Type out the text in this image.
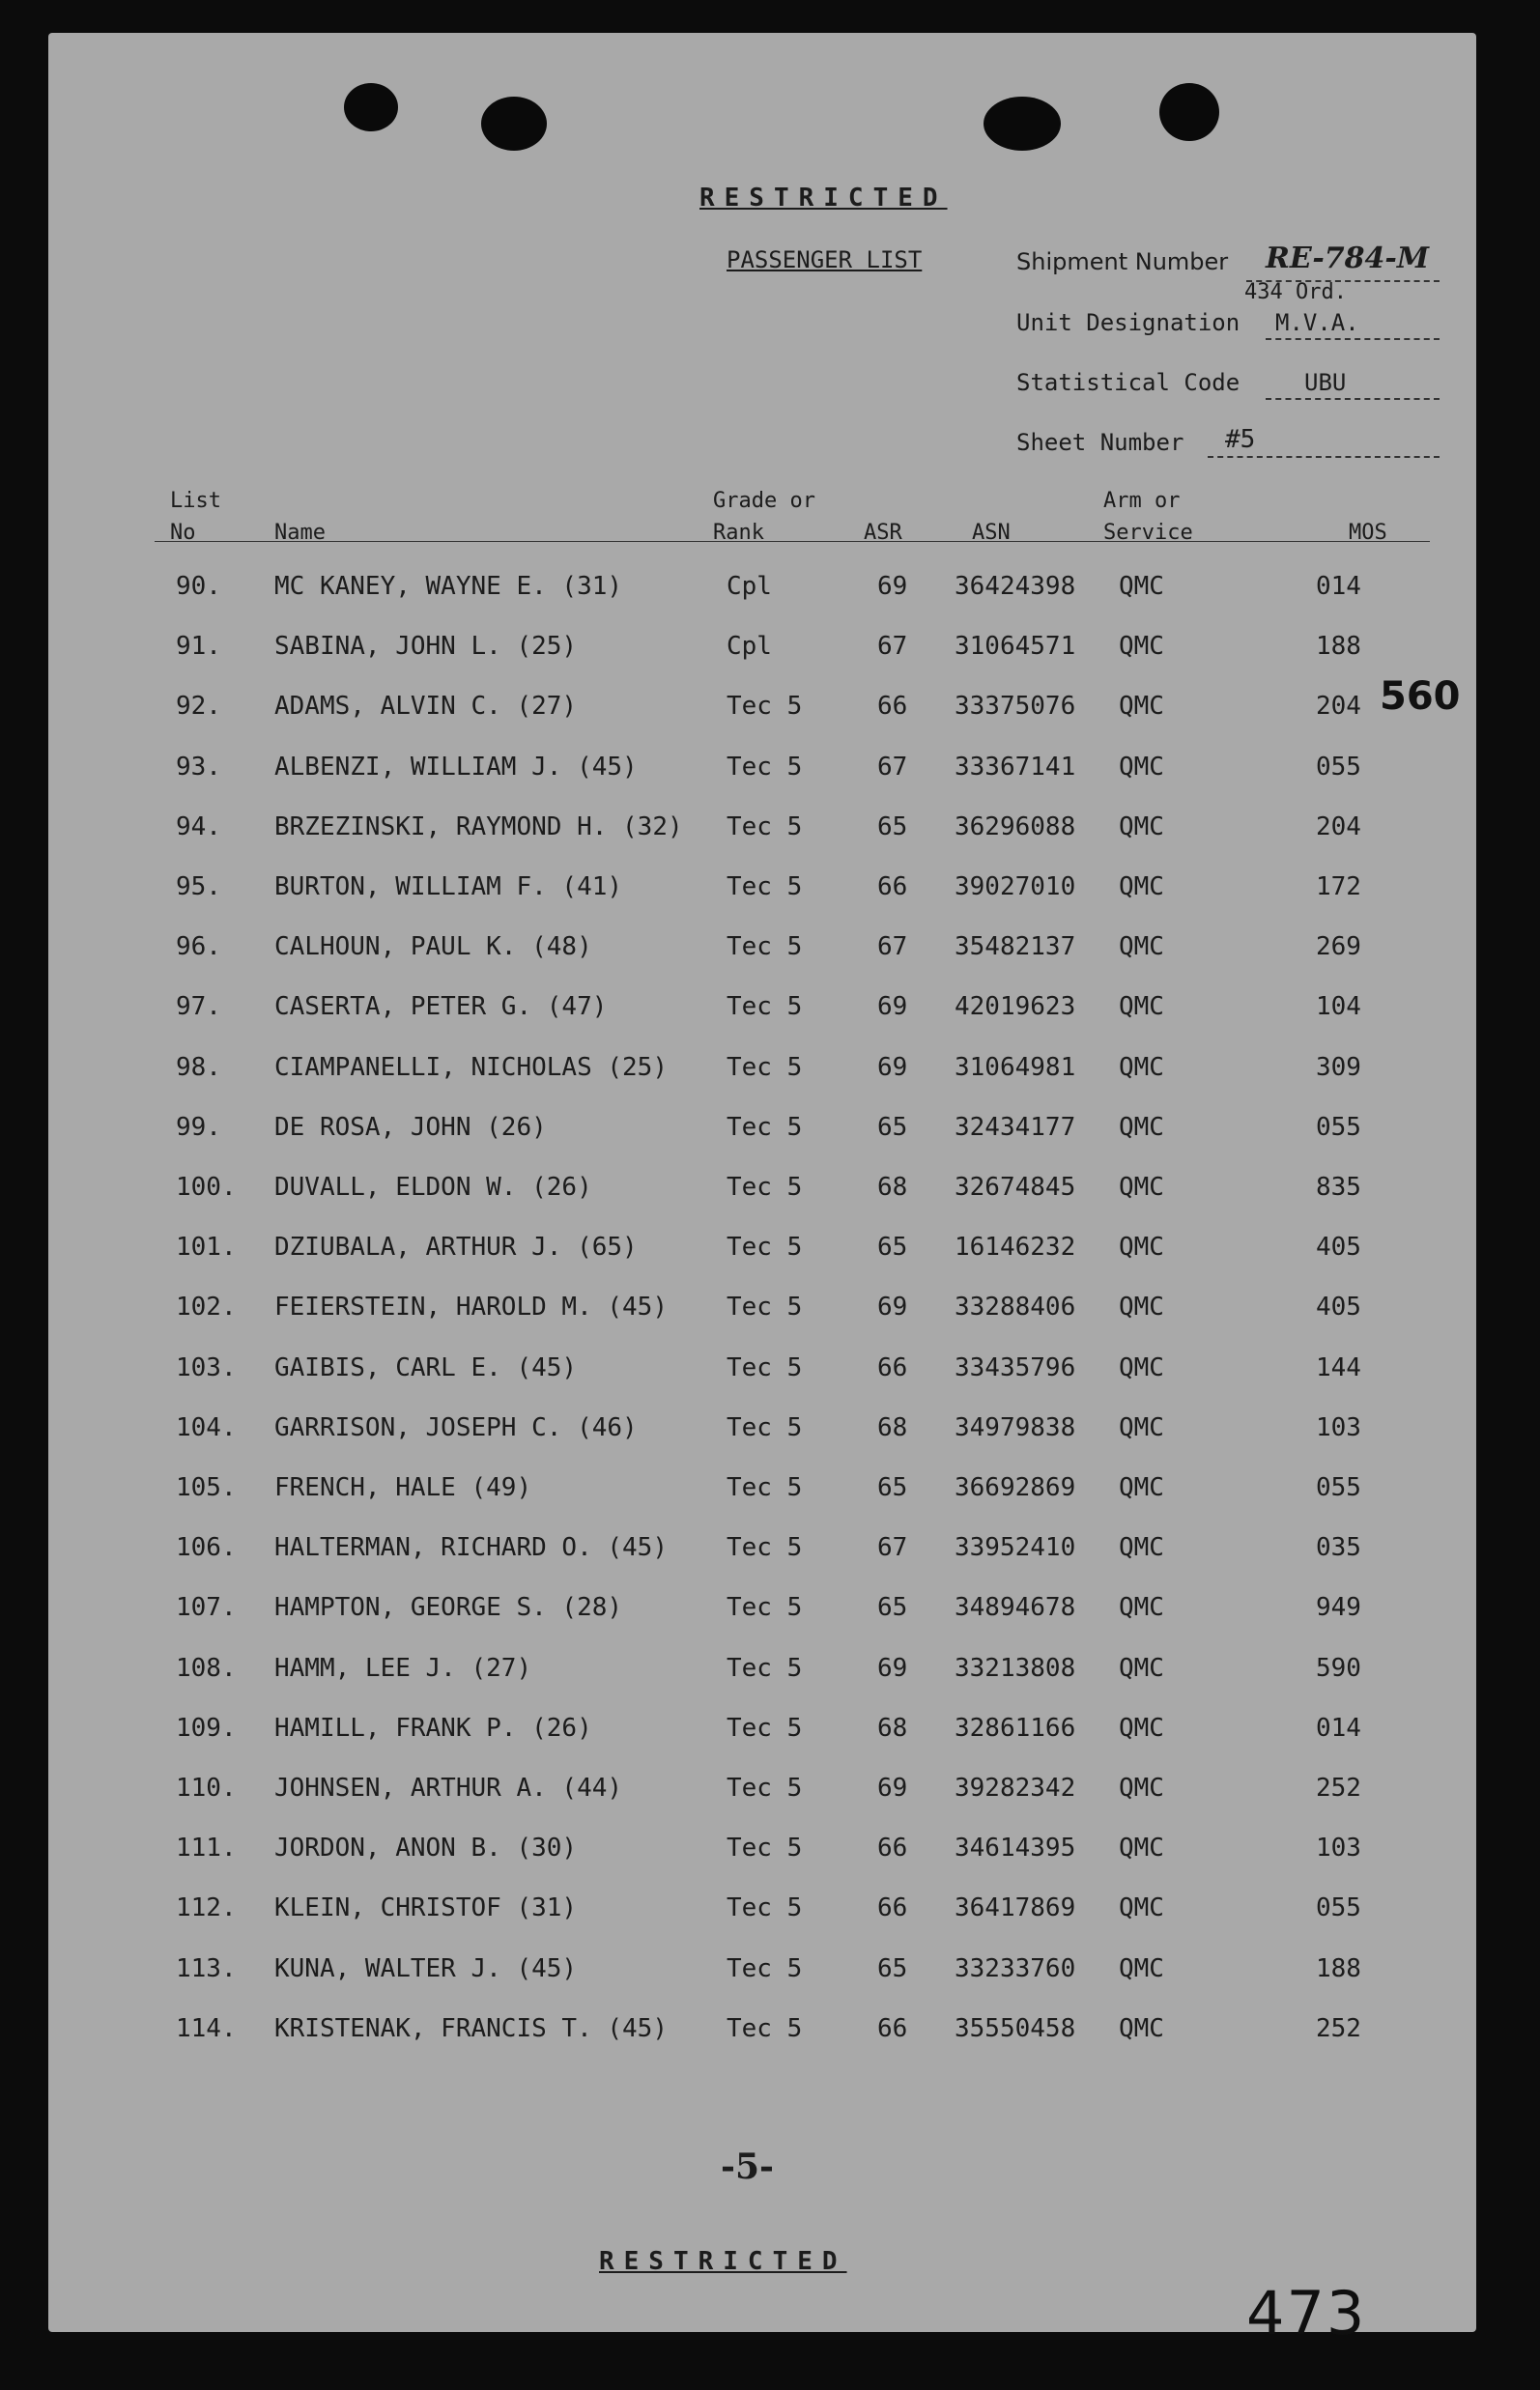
RESTRICTED
PASSENGER LIST	Shipment Number RE-784-M
434 Ord.
Unit Designation M.V.A.
Statistical Code	UBU
Sheet Number #5
List
No	Name
Grade or
Rank	ASR	ASN
Arm or
Service	MOS
90. MC KANEY, WAYNE E. (31)	Cpl	69 36424398 QMC	014
91. SABINA, JOHN L. (25)	Cpl	67 31064571 QMC	188
92. ADAMS, ALVIN C. (27)	Tec 5	66 33375076 QMC	204
93. ALBENZI, WILLIAM J. (45)	Tec 5	67 33367141 QMC	055
94. BRZEZINSKI, RAYMOND H. (32) Tec 5	65 36296088 QMC	204
95. BURTON, WILLIAM F. (41)	Tec 5	66 39027010 QMC	172
96. CALHOUN, PAUL K. (48)	Tec 5	67 35482137 QMC	269
97. CASERTA, PETER G. (47)	Tec 5	69 42019623 QMC	104
98. CIAMPANELLI, NICHOLAS (25) Tec 5	69 31064981 QMC	309
99. DE ROSA, JOHN (26)	Tec 5	65 32434177 QMC	055
100. DUVALL, ELDON W. (26)	Tec 5	68 32674845 QMC	835
101. DZIUBALA, ARTHUR J. (65)	Tec 5	65 16146232 QMC	405
102. FEIERSTEIN, HAROLD M. (45) Tec 5	69 33288406 QMC	405
103. GAIBIS, CARL E. (45)	Tec 5	66 33435796 QMC	144
104. GARRISON, JOSEPH C. (46)	Tec 5	68 34979838 QMC	103
105. FRENCH, HALE (49)	Tec 5	65 36692869 QMC	055
106. HALTERMAN, RICHARD O. (45) Tec 5	67 33952410 QMC	035
107. HAMPTON, GEORGE S. (28)	Tec 5	65 34894678 QMC	949
108. HAMM, LEE J. (27)	Tec 5	69 33213808 QMC	590
109. HAMILL, FRANK P. (26)	Tec 5	68 32861166 QMC	014
110. JOHNSEN, ARTHUR A. (44)	Tec 5	69 39282342 QMC	252
111. JORDON, ANON B. (30)	Tec 5	66 34614395 QMC	103
112. KLEIN, CHRISTOF (31)	Tec 5	66 36417869 QMC	055
113. KUNA, WALTER J. (45)	Tec 5	65 33233760 QMC	188
114. KRISTENAK, FRANCIS T. (45) Tec 5	66 35550458 QMC	252
560
-5-
RESTRICTED
473
